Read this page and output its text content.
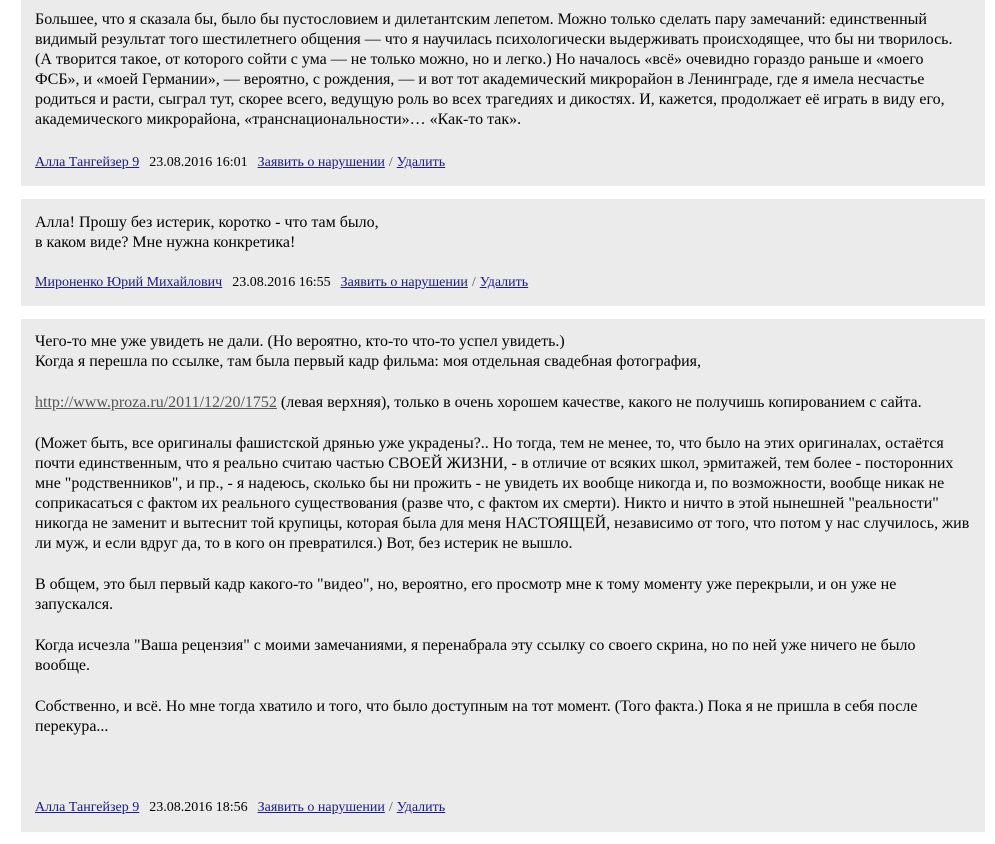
Большее, что я сказала бы, было бы пустословием и дилетантским лепетом. Можно только сделать пару замечаний: единственный видимый результат того шестилетнего общения — что я научилась психологически выдерживать происходящее, что бы ни творилось. (А творится такое, от которого сойти с ума — не только можно, но и легко.) Но началось «всё» очевидно гораздо раньше и «моего ФСБ», и «моей Германии», — вероятно, с рождения, — и вот тот академический микрорайон в Ленинграде, где я имела несчастье родиться и расти, сыграл тут, скорее всего, ведущую роль во всех трагедиях и дикостях. И, кажется, продолжает её играть в виду его, академического микрорайона, «транснациональности»… «Как-то так».

Алла Тангейзер 9 23.08.2016 16:01 Заявить о нарушении / Удалить
Алла! Прошу без истерик, коротко - что там было,
в каком виде? Мне нужна конкретика!
Мироненко Юрий Михайлович 23.08.2016 16:55 Заявить о нарушении / Удалить
Чего-то мне уже увидеть не дали. (Но вероятно, кто-то что-то успел увидеть.)
Когда я перешла по ссылке, там была первый кадр фильма: моя отдельная свадебная фотография,
http://www.proza.ru/2011/12/20/1752 (левая верхняя), только в очень хорошем качестве, какого не получишь копированием с сайта.
(Может быть, все оригиналы фашистской дрянью уже украдены?.. Но тогда, тем не менее, то, что было на этих оригиналах, остаётся почти единственным, что я реально считаю частью СВОЕЙ ЖИЗНИ, - в отличие от всяких школ, эрмитажей, тем более - посторонних мне "родственников", и пр., - я надеюсь, сколько бы ни прожить - не увидеть их вообще никогда и, по возможности, вообще никак не соприкасаться с фактом их реального существования (разве что, с фактом их смерти). Никто и ничто в этой нынешней "реальности" никогда не заменит и вытеснит той крупицы, которая была для меня НАСТОЯЩЕЙ, независимо от того, что потом у нас случилось, жив ли муж, и если вдруг да, то в кого он превратился.) Вот, без истерик не вышло.
В общем, это был первый кадр какого-то "видео", но, вероятно, его просмотр мне к тому моменту уже перекрыли, и он уже не запускался.
Когда исчезла "Ваша рецензия" с моими замечаниями, я перенабрала эту ссылку со своего скрина, но по ней уже ничего не было вообще.
Собственно, и всё. Но мне тогда хватило и того, что было доступным на тот момент. (Того факта.) Пока я не пришла в себя после перекура...
Алла Тангейзер 9 23.08.2016 18:56 Заявить о нарушении / Удалить
